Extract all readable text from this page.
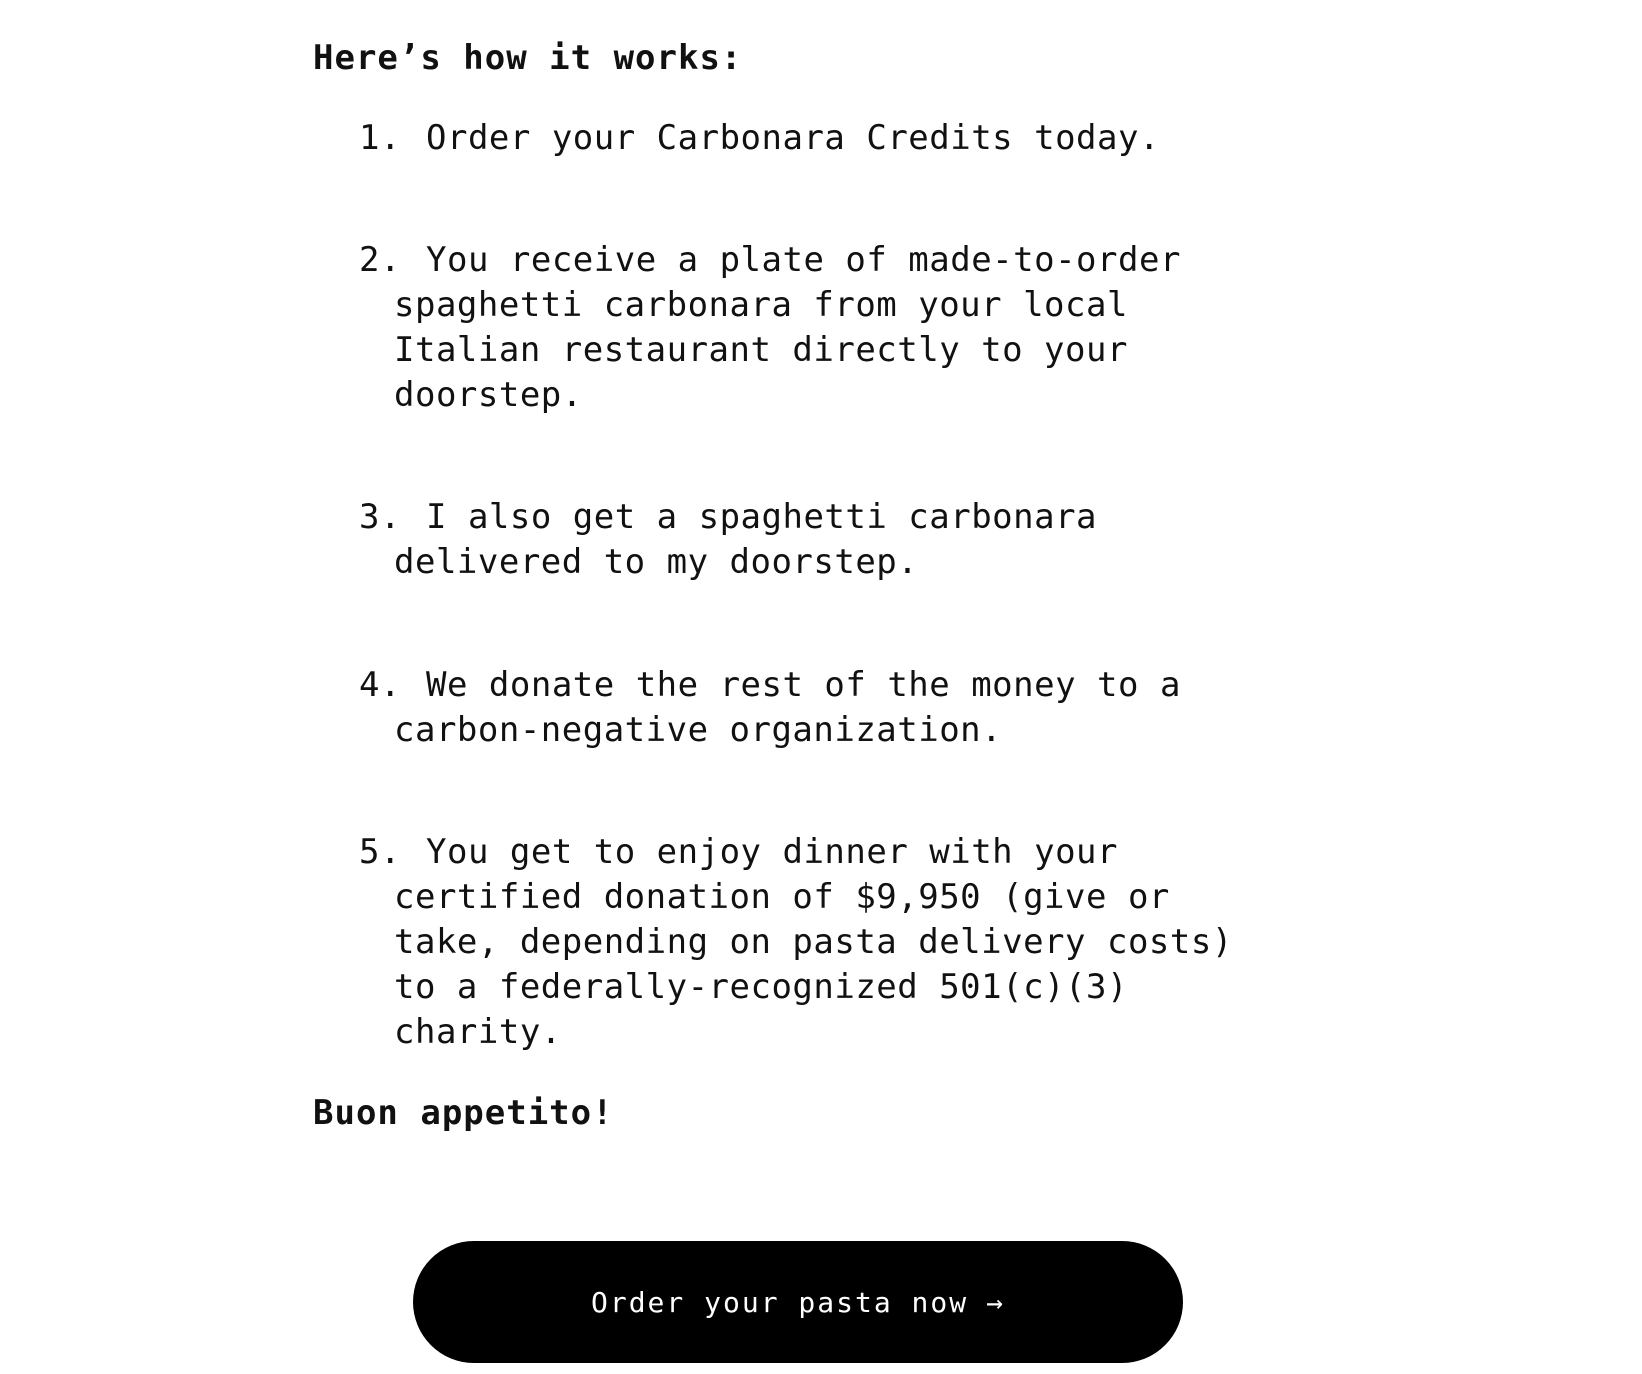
Here’s how it works:
1. Order your Carbonara Credits today.
2. You receive a plate of made-to-order spaghetti carbonara from your local Italian restaurant directly to your doorstep.
3. I also get a spaghetti carbonara delivered to my doorstep.
4. We donate the rest of the money to a carbon-negative organization.
5. You get to enjoy dinner with your certified donation of $9,950 (give or take, depending on pasta delivery costs) to a federally-recognized 501(c)(3) charity.

Buon appetito!

Order your pasta now →
